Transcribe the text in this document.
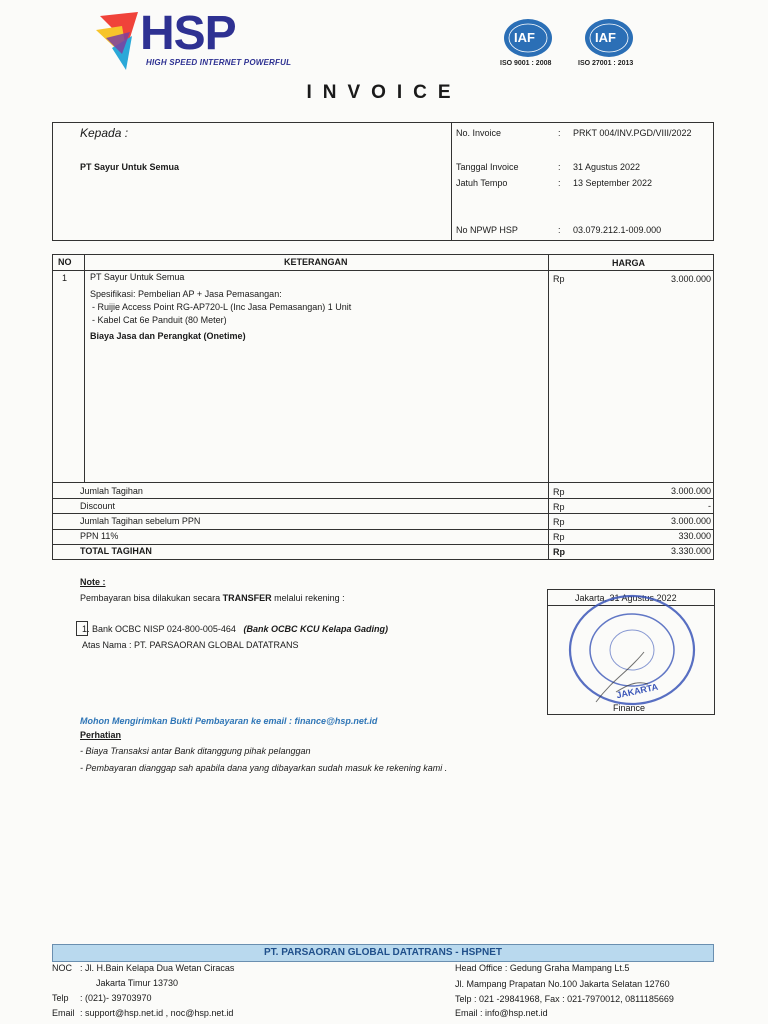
HSP
HIGH SPEED INTERNET POWERFUL
IAF
ISO 9001 : 2008
IAF
ISO 27001 : 2013
INVOICE
Kepada :
PT Sayur Untuk Semua
No. Invoice	: PRKT 004/INV.PGD/VIII/2022
Tanggal Invoice	: 31 Agustus 2022
Jatuh Tempo	: 13 September 2022
No NPWP HSP	: 03.079.212.1-009.000
NO	KETERANGAN	HARGA
1	PT Sayur Untuk Semua
Spesifikasi: Pembelian AP + Jasa Pemasangan:
- Ruijie Access Point RG-AP720-L (Inc Jasa Pemasangan) 1 Unit
- Kabel Cat 6e Panduit (80 Meter)
Biaya Jasa dan Perangkat (Onetime)
Rp	3.000.000
Jumlah Tagihan	Rp	3.000.000
Discount	Rp	-
Jumlah Tagihan sebelum PPN	Rp	3.000.000
PPN 11%	Rp	330.000
TOTAL TAGIHAN	Rp	3.330.000
Note :
Pembayaran bisa dilakukan secara TRANSFER melalui rekening :
1. Bank OCBC NISP 024-800-005-464 (Bank OCBC KCU Kelapa Gading)
Atas Nama : PT. PARSAORAN GLOBAL DATATRANS
Mohon Mengirimkan Bukti Pembayaran ke email : finance@hsp.net.id
Perhatian
- Biaya Transaksi antar Bank ditanggung pihak pelanggan
- Pembayaran dianggap sah apabila dana yang dibayarkan sudah masuk ke rekening kami .
Jakarta, 31 Agustus 2022
JAKARTA
Finance
PT. PARSAORAN GLOBAL DATATRANS - HSPNET
NOC : Jl. H.Bain Kelapa Dua Wetan Ciracas
Jakarta Timur 13730
Telp : (021)- 39703970
Email : support@hsp.net.id , noc@hsp.net.id
Head Office : Gedung Graha Mampang Lt.5
Jl. Mampang Prapatan No.100 Jakarta Selatan 12760
Telp : 021 -29841968, Fax : 021-7970012, 0811185669
Email : info@hsp.net.id
